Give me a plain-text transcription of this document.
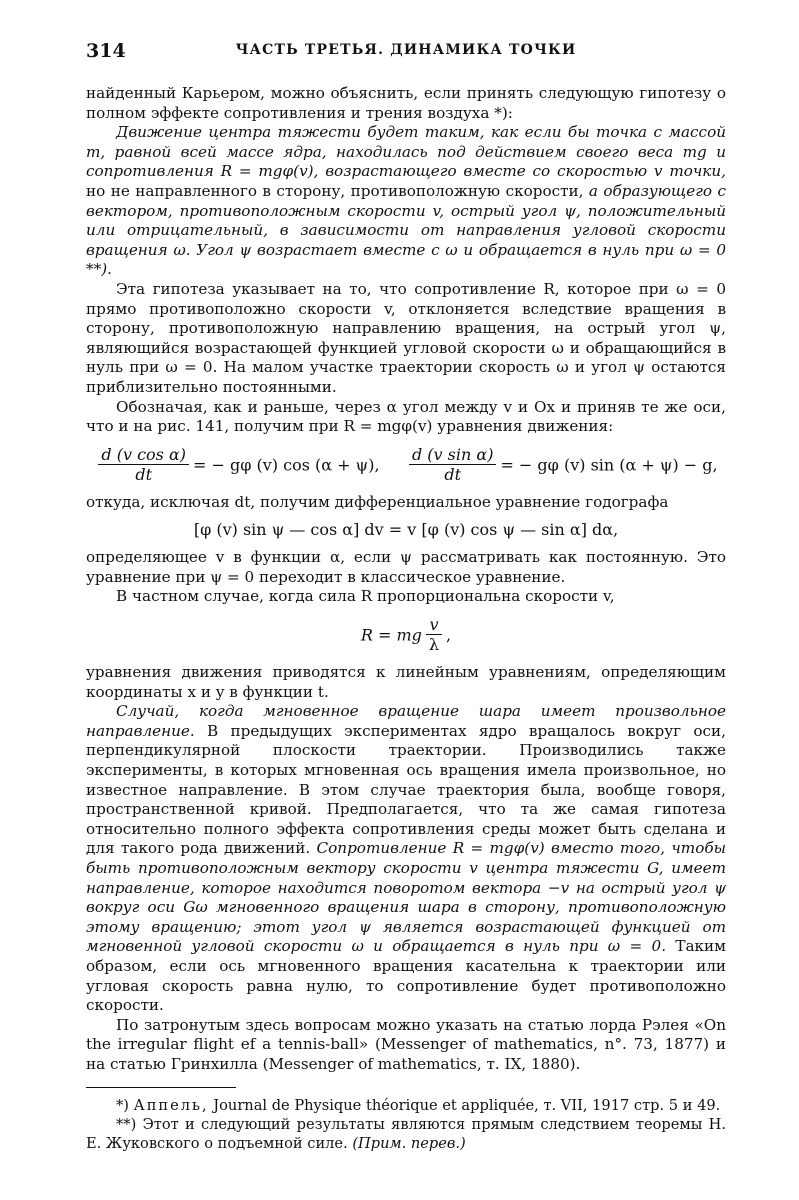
314	ЧАСТЬ ТРЕТЬЯ. ДИНАМИКА ТОЧКИ

найденный Карьером, можно объяснить, если принять следующую гипотезу о полном эффекте сопротивления и трения воздуха *):

Движение центра тяжести будет таким, как если бы точка с массой m, равной всей массе ядра, находилась под действием своего веса mg и сопротивления R = mgφ(v), возрастающего вместе со скоростью v точки, но не направленного в сторону, противоположную скорости, а образующего с вектором, противоположным скорости v, острый угол ψ, положительный или отрицательный, в зависимости от направления угловой скорости вращения ω. Угол ψ возрастает вместе с ω и обращается в нуль при ω = 0 **).

Эта гипотеза указывает на то, что сопротивление R, которое при ω = 0 прямо противоположно скорости v, отклоняется вследствие вращения в сторону, противоположную направлению вращения, на острый угол ψ, являющийся возрастающей функцией угловой скорости ω и обращающийся в нуль при ω = 0. На малом участке траектории скорость ω и угол ψ остаются приблизительно постоянными.

Обозначая, как и раньше, через α угол между v и Ox и приняв те же оси, что и на рис. 141, получим при R = mgφ(v) уравнения движения:

$\frac{\text{d (v cos α)}}{dt}$ = − gφ (v) cos (α + ψ), $\frac{\text{d (v sin α)}}{dt}$ = − gφ (v) sin (α + ψ) − g,

откуда, исключая dt, получим дифференциальное уравнение годографа

[φ (v) sin ψ — cos α] dv = v [φ (v) cos ψ — sin α] dα,

определяющее v в функции α, если ψ рассматривать как постоянную. Это уравнение при ψ = 0 переходит в классическое уравнение.

В частном случае, когда сила R пропорциональна скорости v,

R = mg $\frac{v}{\lambda}$ ,

уравнения движения приводятся к линейным уравнениям, определяющим координаты x и y в функции t.

Случай, когда мгновенное вращение шара имеет произвольное направление. В предыдущих экспериментах ядро вращалось вокруг оси, перпендикулярной плоскости траектории. Производились также эксперименты, в которых мгновенная ось вращения имела произвольное, но известное направление. В этом случае траектория была, вообще говоря, пространственной кривой. Предполагается, что та же самая гипотеза относительно полного эффекта сопротивления среды может быть сделана и для такого рода движений. Сопротивление R = mgφ(v) вместо того, чтобы быть противоположным вектору скорости v центра тяжести G, имеет направление, которое находится поворотом вектора −v на острый угол ψ вокруг оси Gω мгновенного вращения шара в сторону, противоположную этому вращению; этот угол ψ является возрастающей функцией от мгновенной угловой скорости ω и обращается в нуль при ω = 0. Таким образом, если ось мгновенного вращения касательна к траектории или угловая скорость равна нулю, то сопротивление будет противоположно скорости.

По затронутым здесь вопросам можно указать на статью лорда Рэлея «On the irregular flight ef a tennis-ball» (Messenger of mathematics, n°. 73, 1877) и на статью Гринхилла (Messenger of mathematics, т. IX, 1880).

*) Аппель, Journal de Physique théorique et appliquée, т. VII, 1917 стр. 5 и 49.

**) Этот и следующий результаты являются прямым следствием теоремы Н. Е. Жуковского о подъемной силе. (Прим. перев.)
